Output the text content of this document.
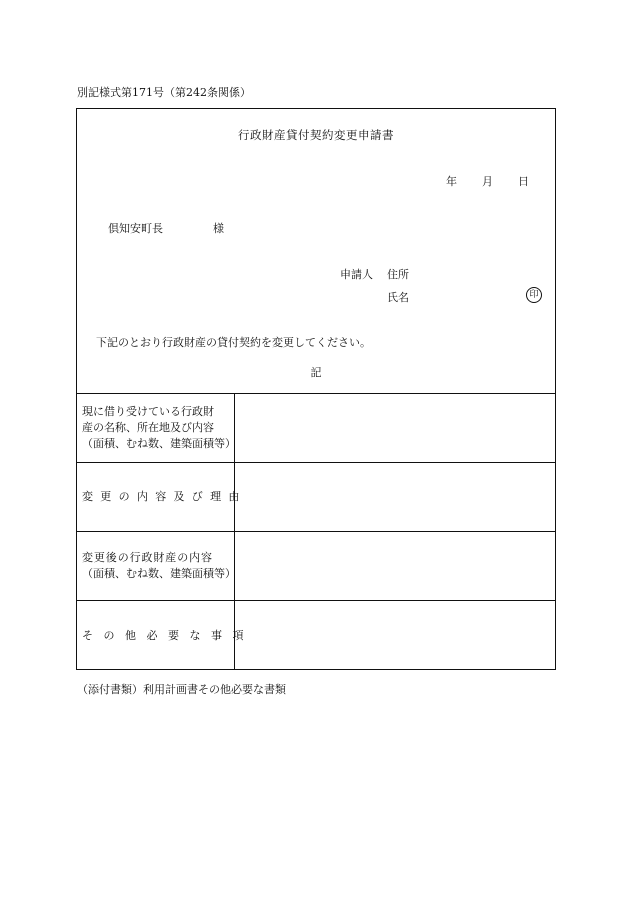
別記様式第171号（第242条関係）
行政財産貸付契約変更申請書
年 月 日
倶知安町長	様
申請人 住所
氏名	印
下記のとおり行政財産の貸付契約を変更してください。
記
現に借り受けている行政財
産の名称、所在地及び内容
（面積、むね数、建築面積等）
変更の内容及び理由
変更後の行政財産の内容
（面積、むね数、建築面積等）
その他必要な事項
（添付書類）利用計画書その他必要な書類
